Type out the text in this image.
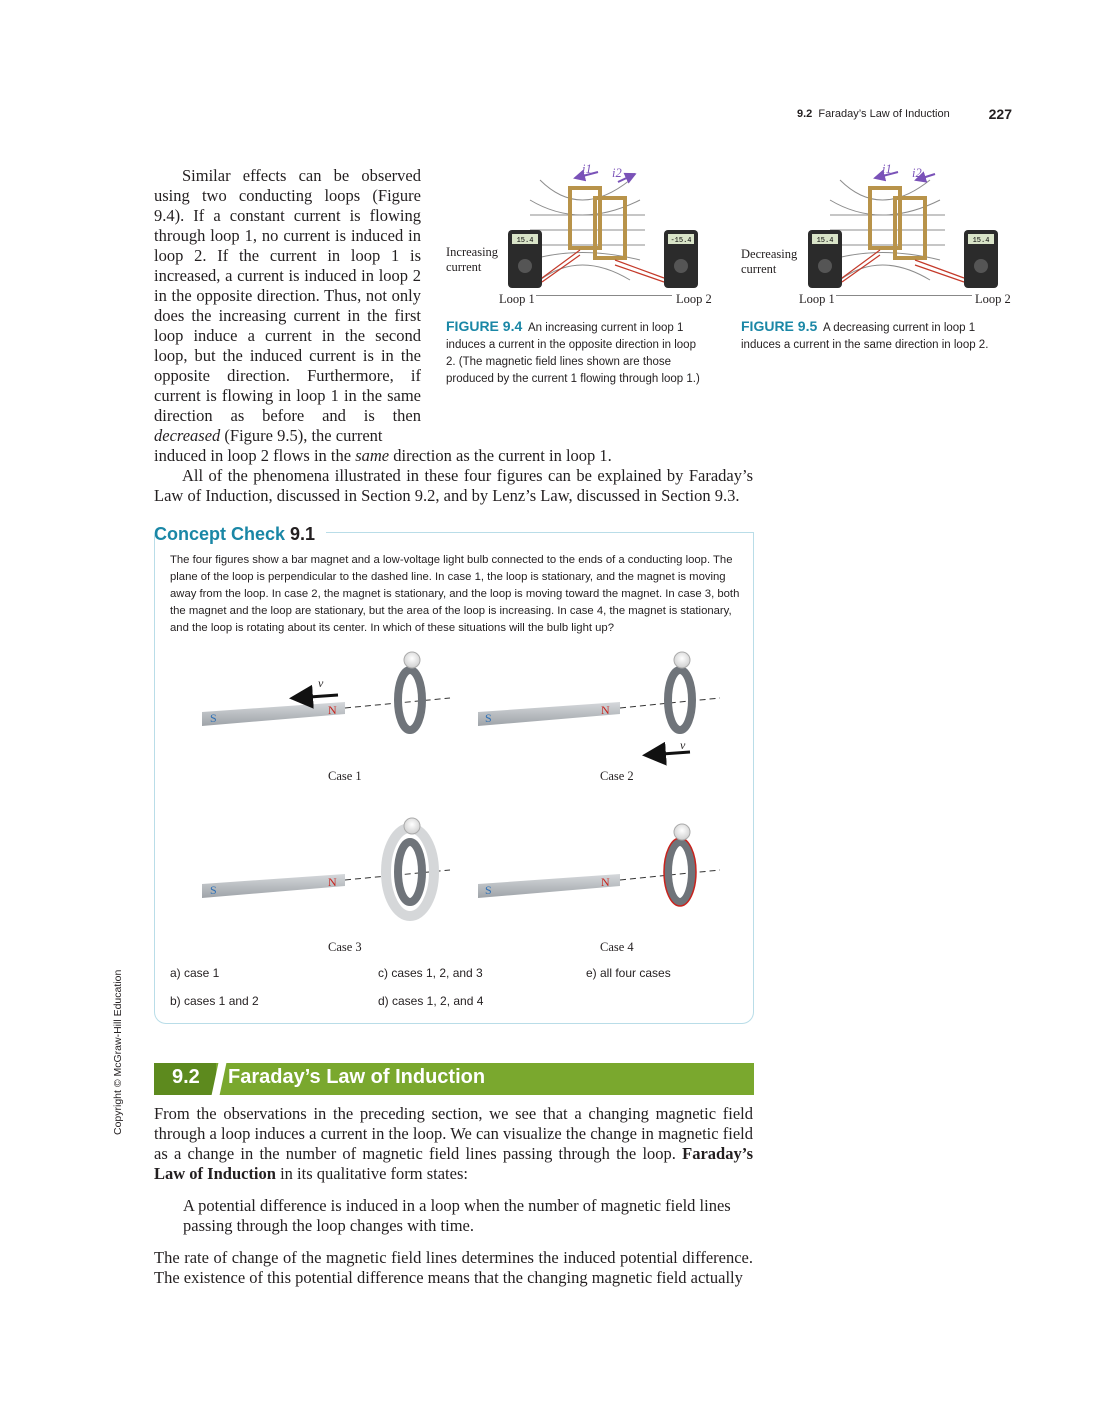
9.2 Faraday’s Law of Induction	227

Similar effects can be observed using two conducting loops (Figure 9.4). If a constant current is flowing through loop 1, no current is induced in loop 2. If the current in loop 1 is increased, a current is induced in loop 2 in the opposite direction. Thus, not only does the increasing current in the first loop induce a current in the second loop, but the induced current is in the opposite direction. Furthermore, if current is flowing in loop 1 in the same direction as before and is then decreased (Figure 9.5), the current

induced in loop 2 flows in the same direction as the current in loop 1.
All of the phenomena illustrated in these four figures can be explained by Faraday’s Law of Induction, discussed in Section 9.2, and by Lenz’s Law, discussed in Section 9.3.
15.4	-15.4
i1 i2
Increasing
current
Loop 1	Loop 2
FIGURE 9.4 An increasing current in loop 1 induces a current in the opposite direction in loop 2. (The magnetic field lines shown are those produced by the current 1 flowing through loop 1.)
15.4	15.4
i1 i2
Decreasing
current
Loop 1	Loop 2
FIGURE 9.5 A decreasing current in loop 1 induces a current in the same direction in loop 2.
Concept Check 9.1
The four figures show a bar magnet and a low-voltage light bulb connected to the ends of a conducting loop. The plane of the loop is perpendicular to the dashed line. In case 1, the loop is stationary, and the magnet is moving away from the loop. In case 2, the magnet is stationary, and the loop is moving toward the magnet. In case 3, both the magnet and the loop are stationary, but the area of the loop is increasing. In case 4, the magnet is stationary, and the loop is rotating about its center. In which of these situations will the bulb light up?
S
N
v
S
N
v
S
N
S
N
Case 1	Case 2
Case 3	Case 4
a) case 1
b) cases 1 and 2
c) cases 1, 2, and 3
d) cases 1, 2, and 4
e) all four cases
9.2 Faraday’s Law of Induction
From the observations in the preceding section, we see that a changing magnetic field through a loop induces a current in the loop. We can visualize the change in magnetic field as a change in the number of magnetic field lines passing through the loop. Faraday’s Law of Induction in its qualitative form states:
A potential difference is induced in a loop when the number of magnetic field lines passing through the loop changes with time.
The rate of change of the magnetic field lines determines the induced potential difference. The existence of this potential difference means that the changing magnetic field actually
Copyright © McGraw-Hill Education
